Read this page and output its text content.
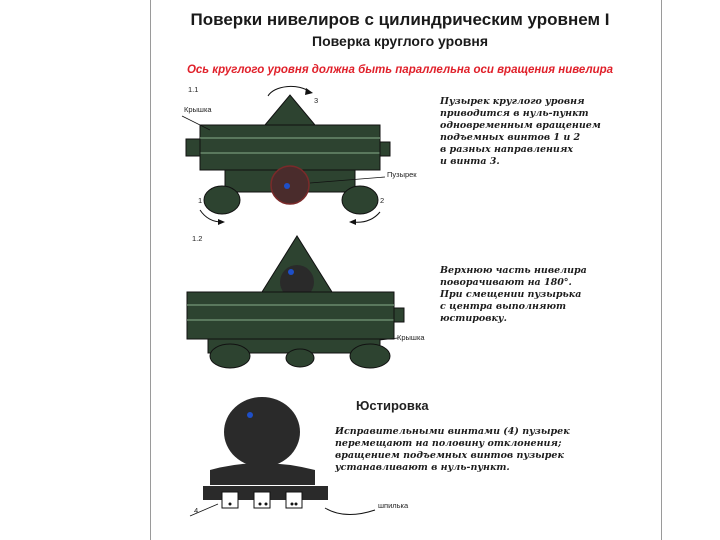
Поверки нивелиров с цилиндрическим уровнем I
Поверка круглого уровня
Ось круглого уровня должна быть параллельна оси вращения нивелира
1.1
Крышка
3
Пузырек
1	2
Пузырек круглого уровня
приводится в нуль-пункт
одновременным вращением
подъемных винтов 1 и 2
в разных направлениях
и винта 3.
1.2
Крышка
Верхнюю часть нивелира
поворачивают на 180°.
При смещении пузырька
с центра выполняют
юстировку.
Юстировка
Исправительными винтами (4) пузырек
перемещают на половину отклонения;
вращением подъемных винтов пузырек
устанавливают в нуль-пункт.
4
шпилька
